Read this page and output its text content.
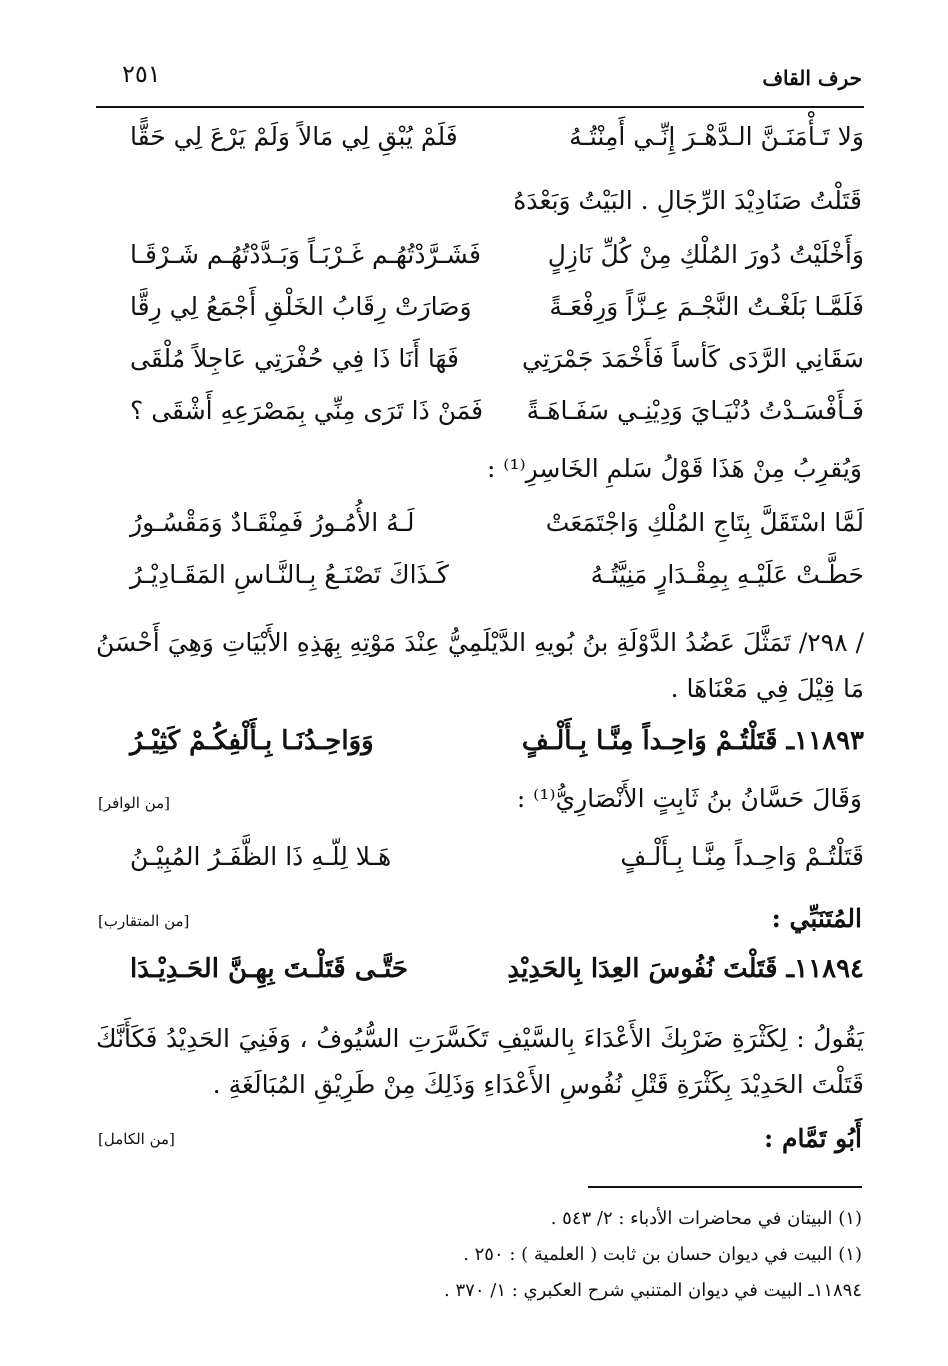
حرف القاف
٢٥١
وَلا تَـأْمَنَـنَّ الـدَّهْـرَ إِنِّـي أَمِنْتُـهُ
فَلَمْ يُبْقِ لِي مَالاً وَلَمْ يَرْعَ لِي حَقًّا
قَتَلْتُ صَنَادِيْدَ الرِّجَالِ . البَيْتُ وَبَعْدَهُ
وَأَخْلَيْتُ دُورَ المُلْكِ مِنْ كُلِّ نَازِلٍ
فَشَـرَّدْتُهُـم غَـرْبَـاً وَبَـدَّدْتُهُـم شَـرْقَـا
فَلَمَّـا بَلَغْـتُ النَّجْـمَ عِـزَّاً وَرِفْعَـةً
وَصَارَتْ رِقَابُ الخَلْقِ أَجْمَعُ لِي رِقَّا
سَقَانِي الرَّدَى كَأساً فَأَخْمَدَ جَمْرَتِي
فَهَا أَنَا ذَا فِي حُفْرَتِي عَاجِلاً مُلْقَى
فَـأَفْسَـدْتُ دُنْيَـايَ وَدِيْنِـي سَفَـاهَـةً
فَمَنْ ذَا تَرَى مِنِّي بِمَصْرَعِهِ أَشْقَى ؟
وَيُقرِبُ مِنْ هَذَا قَوْلُ سَلمِ الخَاسِرِ⁽¹⁾ :
لَمَّا اسْتَقَلَّ بِتَاجِ المُلْكِ وَاجْتَمَعَتْ
لَـهُ الأُمُـورُ فَمِنْقَـادٌ وَمَقْسُـورُ
حَطَّـتْ عَلَيْـهِ بِمِقْـدَارٍ مَنِيَّتُـهُ
كَـذَاكَ تَصْنَـعُ بِـالنَّـاسِ المَقَـادِيْـرُ
/ ٢٩٨/ تَمَثَّلَ عَضُدُ الدَّوْلَةِ بنُ بُويهِ الدَّيْلَمِيُّ عِنْدَ مَوْتِهِ بِهَذِهِ الأَبْيَاتِ وَهِيَ أَحْسَنُ مَا قِيْلَ فِي مَعْنَاهَا .
١١٨٩٣ـ قَتَلْتُـمْ وَاحِـداً مِنَّـا بِـأَلْـفٍ
وَوَاحِـدُنَـا بِـأَلْفِكُـمْ كَثِيْـرُ
وَقَالَ حَسَّانُ بنُ ثَابِتٍ الأَنْصَارِيُّ⁽¹⁾ :
[من الوافر]
قَتَلْتُـمْ وَاحِـداً مِنَّـا بِـأَلْـفٍ
هَـلا لِلّـهِ ذَا الظَّفَـرُ المُبِيْـنُ
المُتَنَبِّي :
[من المتقارب]
١١٨٩٤ـ قَتَلْتَ نُفُوسَ العِدَا بِالحَدِيْدِ
حَتَّـى قَتَلْـتَ بِهِـنَّ الحَـدِيْـدَا
يَقُولُ : لِكَثْرَةِ ضَرْبِكَ الأَعْدَاءَ بِالسَّيْفِ تَكَسَّرَتِ السُّيُوفُ ، وَفَنِيَ الحَدِيْدُ فَكَأَنَّكَ قَتَلْتَ الحَدِيْدَ بِكَثْرَةِ قَتْلِ نُفُوسِ الأَعْدَاءِ وَذَلِكَ مِنْ طَرِيْقِ المُبَالَغَةِ .
أَبُو تَمَّام :
[من الكامل]
(١) البيتان في محاضرات الأدباء : ٢/ ٥٤٣ .
(١) البيت في ديوان حسان بن ثابت ( العلمية ) : ٢٥٠ .
١١٨٩٤ـ البيت في ديوان المتنبي شرح العكبري : ١/ ٣٧٠ .
